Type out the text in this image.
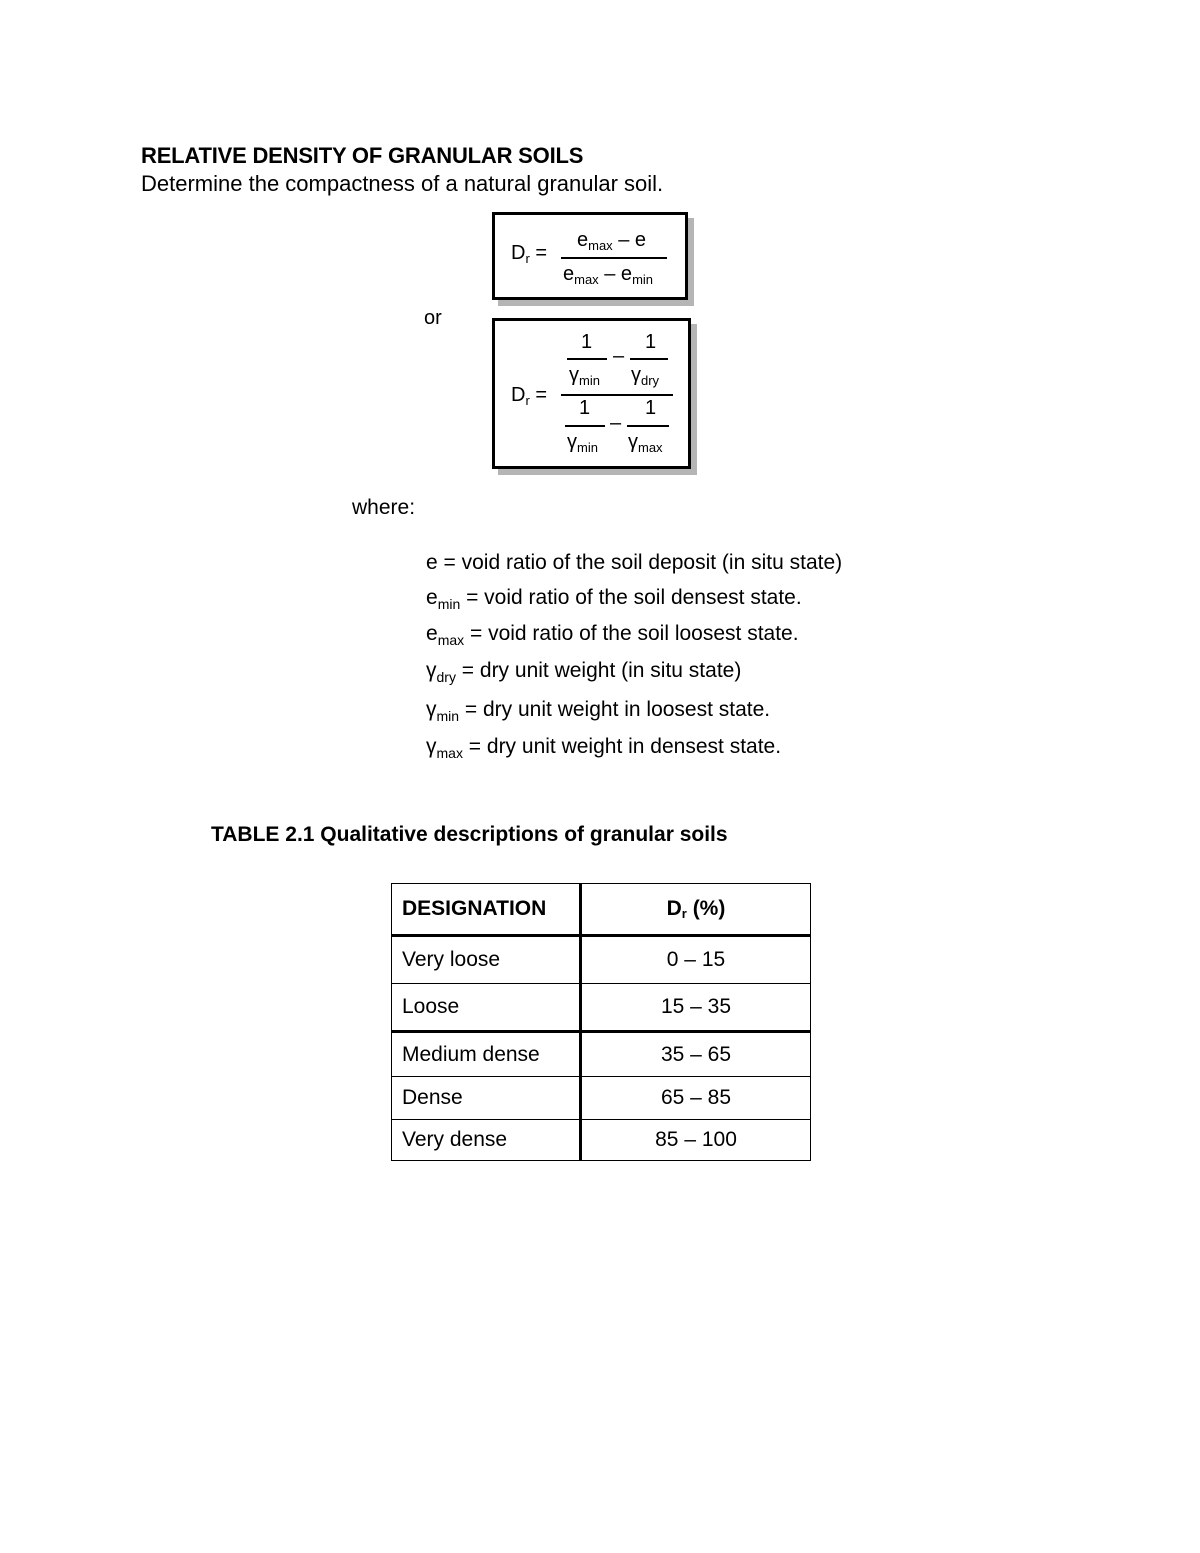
RELATIVE DENSITY OF GRANULAR SOILS
Determine the compactness of a natural granular soil.
$D_r$ =
$e_{max}$ – e
$e_{max} - e_{min}$
or
$D_r$ =
1
$\gamma_{min}$
–
1
$\gamma_{dry}$
1
$\gamma_{min}$
–
1
$\gamma_{max}$
where:
e = void ratio of the soil deposit (in situ state)
$e_{min}$ = void ratio of the soil densest state.
$e_{max}$ = void ratio of the soil loosest state.
$\gamma_{dry}$ = dry unit weight (in situ state)
$\gamma_{min}$ = dry unit weight in loosest state.
$\gamma_{max}$ = dry unit weight in densest state.
TABLE 2.1 Qualitative descriptions of granular soils
DESIGNATION	Dr (%)
Very loose	0 – 15
Loose	15 – 35
Medium dense	35 – 65
Dense	65 – 85
Very dense	85 – 100
